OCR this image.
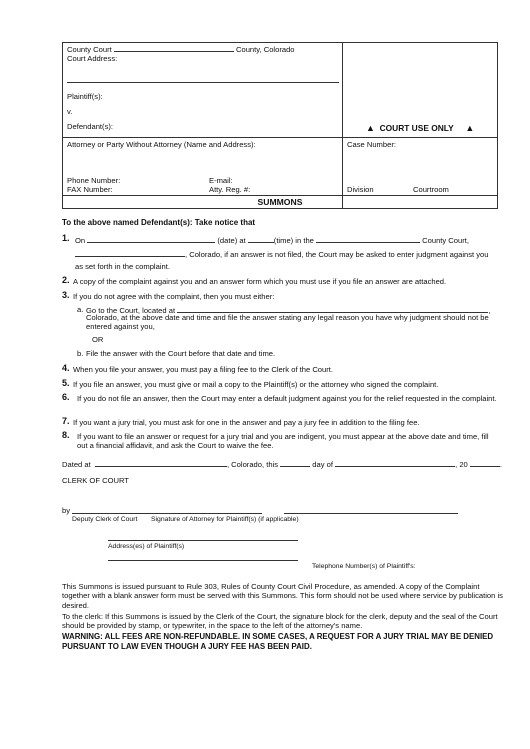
County Court	County, Colorado
Court Address:
Plaintiff(s):
v.
Defendant(s):	▲ COURT USE ONLY ▲
Attorney or Party Without Attorney (Name and Address):	Case Number:
Phone Number:	E-mail:
FAX Number:	Atty. Reg. #:	Division	Courtroom
SUMMONS
To the above named Defendant(s): Take notice that
1. On	(date) at	(time) in the	County Court,
, Colorado, if an answer is not filed, the Court may be asked to enter judgment against you
as set forth in the complaint.
2. A copy of the complaint against you and an answer form which you must use if you file an answer are attached.
3. If you do not agree with the complaint, then you must either:
a. Go to the Court, located at	,
Colorado, at the above date and time and file the answer stating any legal reason you have why judgment should not be entered against you,
OR
b. File the answer with the Court before that date and time.
4. When you file your answer, you must pay a filing fee to the Clerk of the Court.
5. If you file an answer, you must give or mail a copy to the Plaintiff(s) or the attorney who signed the complaint.
6. If you do not file an answer, then the Court may enter a default judgment against you for the relief requested in the complaint.
7. If you want a jury trial, you must ask for one in the answer and pay a jury fee in addition to the filing fee.
8. If you want to file an answer or request for a jury trial and you are indigent, you must appear at the above date and time, fill out a financial affidavit, and ask the Court to waive the fee.
Dated at	, Colorado, this	day of	, 20	.
CLERK OF COURT
by
Deputy Clerk of Court Signature of Attorney for Plaintiff(s) (if applicable)
Address(es) of Plaintiff(s)
Telephone Number(s) of Plaintiff's:
This Summons is issued pursuant to Rule 303, Rules of County Court Civil Procedure, as amended. A copy of the Complaint together with a blank answer form must be served with this Summons. This form should not be used where service by publication is desired.
To the clerk: If this Summons is issued by the Clerk of the Court, the signature block for the clerk, deputy and the seal of the Court should be provided by stamp, or typewriter, in the space to the left of the attorney's name.
WARNING: ALL FEES ARE NON-REFUNDABLE. IN SOME CASES, A REQUEST FOR A JURY TRIAL MAY BE DENIED PURSUANT TO LAW EVEN THOUGH A JURY FEE HAS BEEN PAID.
